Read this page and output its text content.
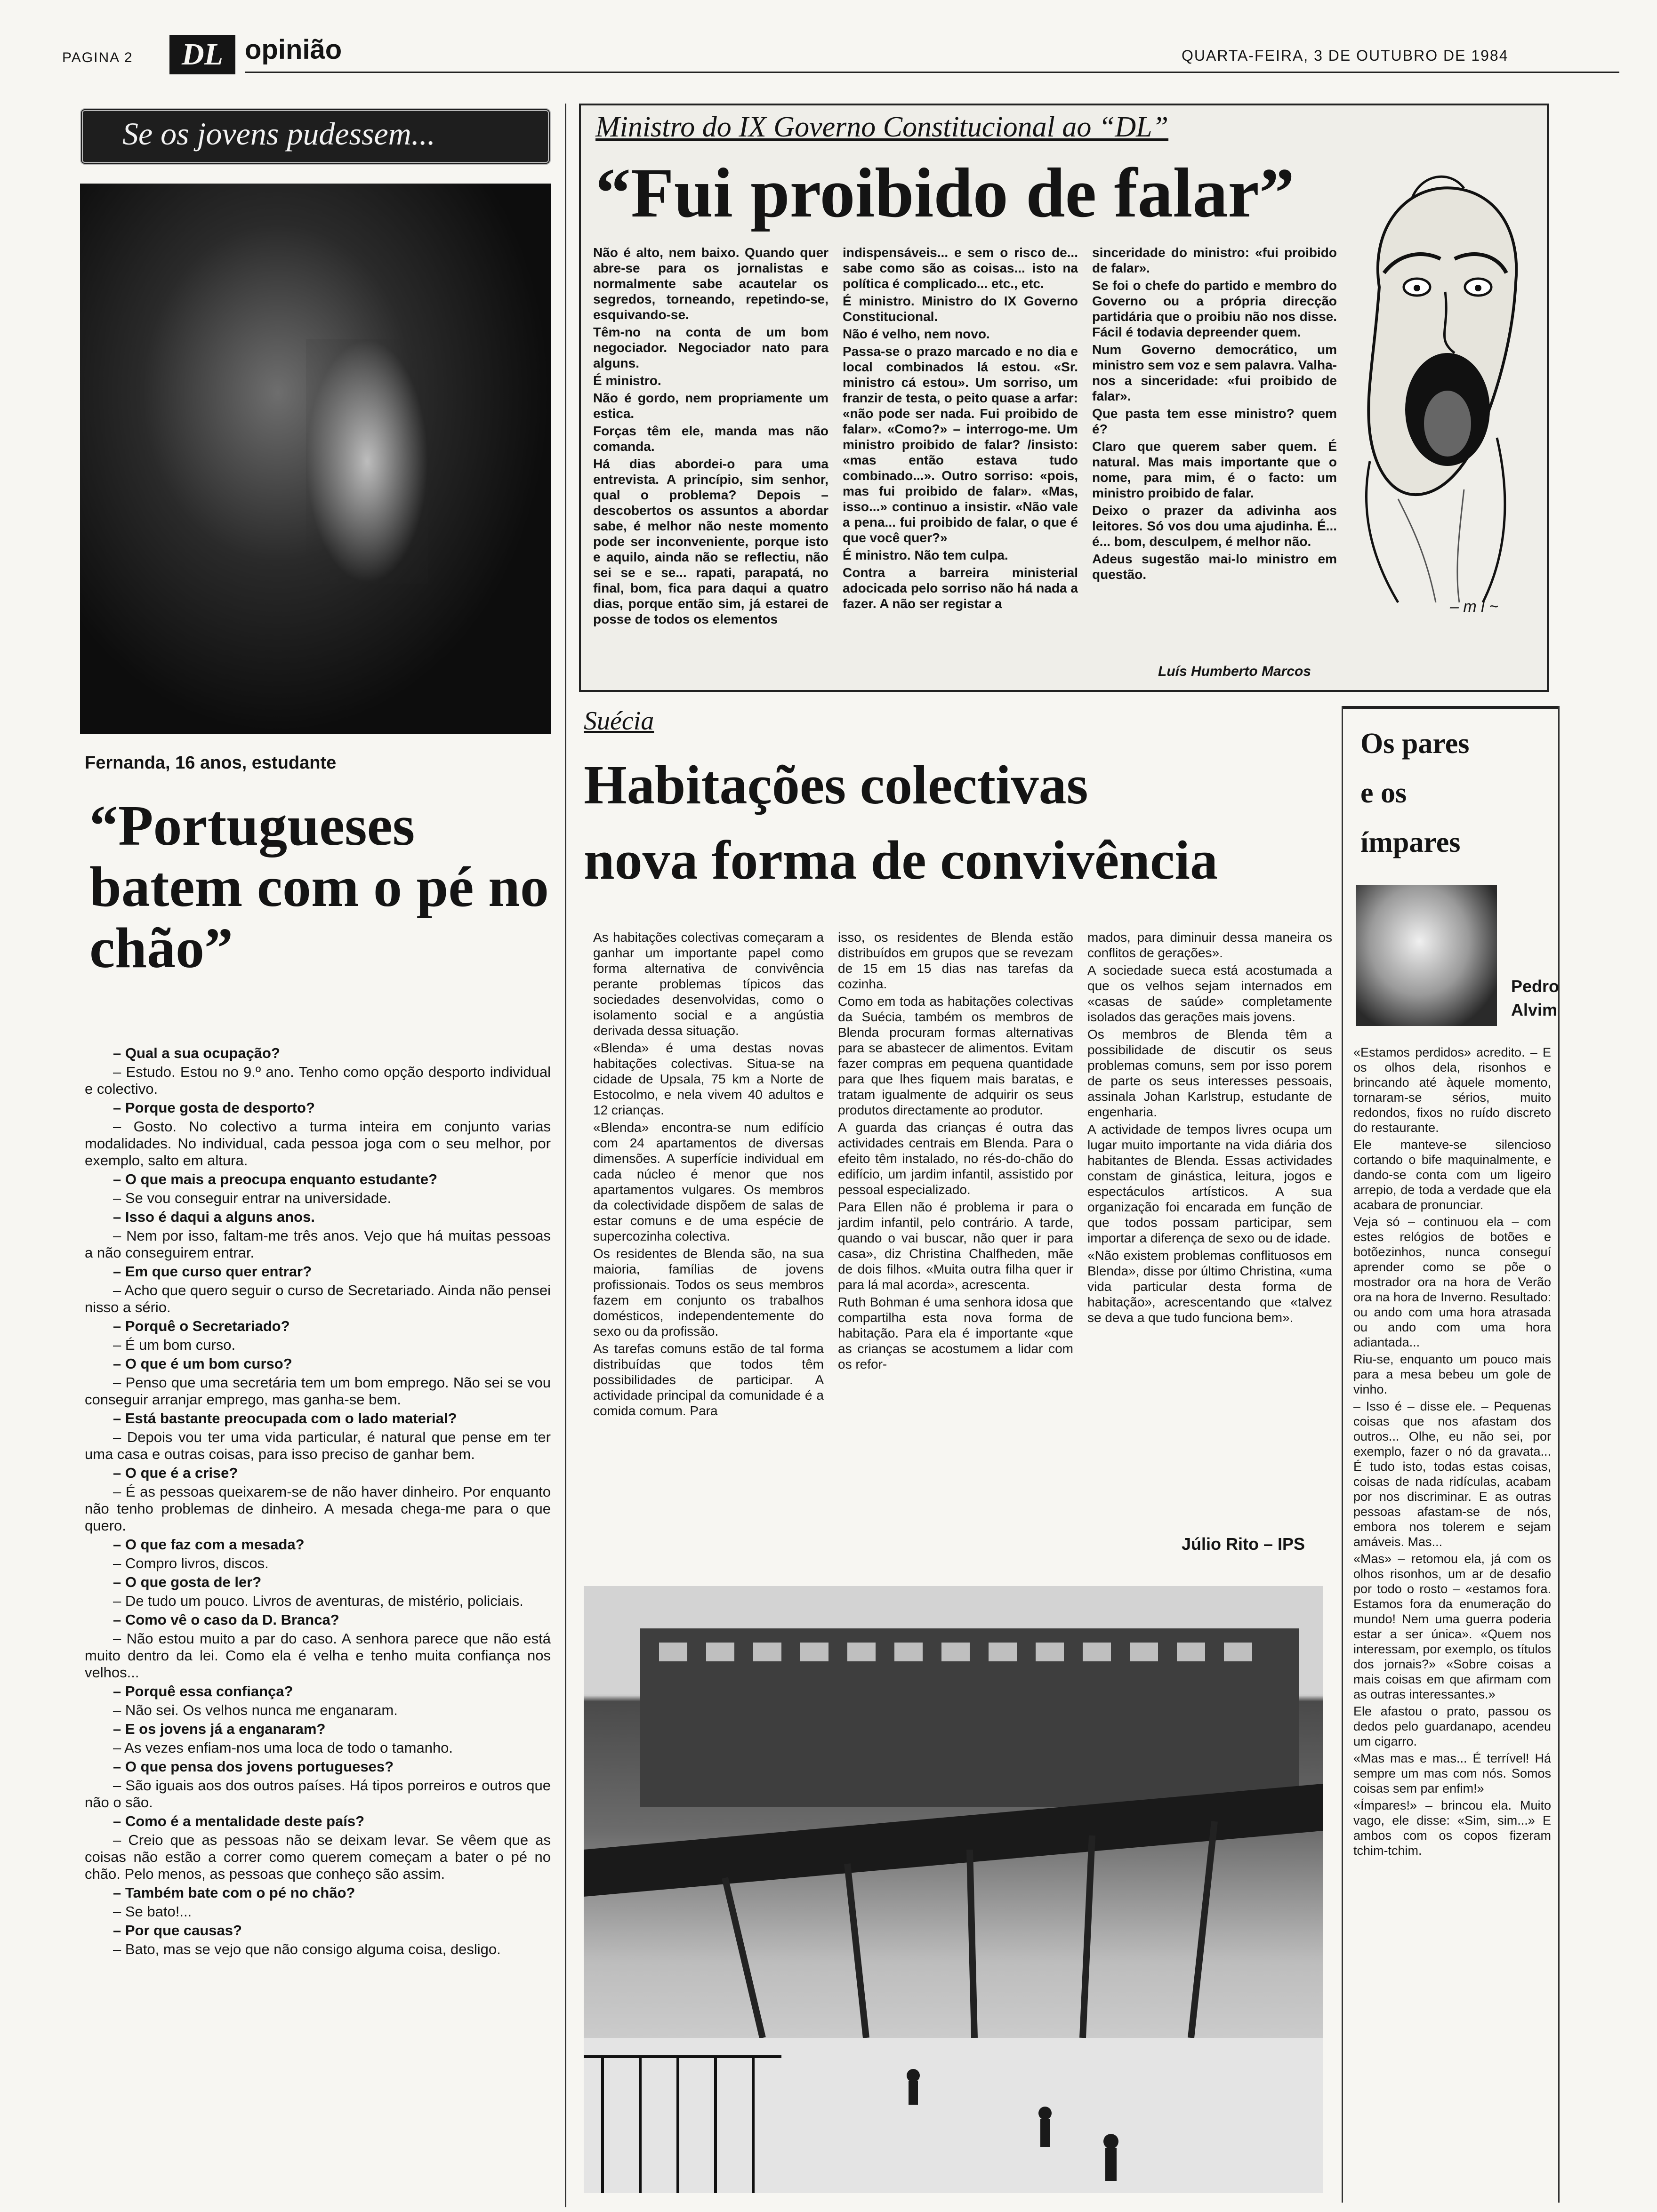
PAGINA 2	DL opinião	QUARTA-FEIRA, 3 DE OUTUBRO DE 1984
Se os jovens pudessem...
Fernanda, 16 anos, estudante
“Portugueses batem com o pé no chão”

– Qual a sua ocupação?

– Estudo. Estou no 9.º ano. Tenho como opção desporto individual e colectivo.

– Porque gosta de desporto?

– Gosto. No colectivo a turma inteira em conjunto varias modalidades. No individual, cada pessoa joga com o seu melhor, por exemplo, salto em altura.

– O que mais a preocupa enquanto estudante?

– Se vou conseguir entrar na universidade.

– Isso é daqui a alguns anos.

– Nem por isso, faltam-me três anos. Vejo que há muitas pessoas a não conseguirem entrar.

– Em que curso quer entrar?

– Acho que quero seguir o curso de Secretariado. Ainda não pensei nisso a sério.

– Porquê o Secretariado?

– É um bom curso.

– O que é um bom curso?

– Penso que uma secretária tem um bom emprego. Não sei se vou conseguir arranjar emprego, mas ganha-se bem.

– Está bastante preocupada com o lado material?

– Depois vou ter uma vida particular, é natural que pense em ter uma casa e outras coisas, para isso preciso de ganhar bem.

– O que é a crise?

– É as pessoas queixarem-se de não haver dinheiro. Por enquanto não tenho problemas de dinheiro. A mesada chega-me para o que quero.

– O que faz com a mesada?

– Compro livros, discos.

– O que gosta de ler?

– De tudo um pouco. Livros de aventuras, de mistério, policiais.

– Como vê o caso da D. Branca?

– Não estou muito a par do caso. A senhora parece que não está muito dentro da lei. Como ela é velha e tenho muita confiança nos velhos...

– Porquê essa confiança?

– Não sei. Os velhos nunca me enganaram.

– E os jovens já a enganaram?

– As vezes enfiam-nos uma loca de todo o tamanho.

– O que pensa dos jovens portugueses?

– São iguais aos dos outros países. Há tipos porreiros e outros que não o são.

– Como é a mentalidade deste país?

– Creio que as pessoas não se deixam levar. Se vêem que as coisas não estão a correr como querem começam a bater o pé no chão. Pelo menos, as pessoas que conheço são assim.

– Também bate com o pé no chão?

– Se bato!...

– Por que causas?

– Bato, mas se vejo que não consigo alguma coisa, desligo.

Ministro do IX Governo Constitucional ao “DL”
“Fui proibido de falar”

Não é alto, nem baixo. Quando quer abre-se para os jornalistas e normalmente sabe acautelar os segredos, torneando, repetindo-se, esquivando-se.

Têm-no na conta de um bom negociador. Negociador nato para alguns.

É ministro.

Não é gordo, nem propriamente um estica.

Forças têm ele, manda mas não comanda.

Há dias abordei-o para uma entrevista. A princípio, sim senhor, qual o problema? Depois – descobertos os assuntos a abordar sabe, é melhor não neste momento pode ser inconveniente, porque isto e aquilo, ainda não se reflectiu, não sei se e se... rapati, parapatá, no final, bom, fica para daqui a quatro dias, porque então sim, já estarei de posse de todos os elementos

indispensáveis... e sem o risco de... sabe como são as coisas... isto na política é complicado... etc., etc.

É ministro. Ministro do IX Governo Constitucional.

Não é velho, nem novo.

Passa-se o prazo marcado e no dia e local combinados lá estou. «Sr. ministro cá estou». Um sorriso, um franzir de testa, o peito quase a arfar: «não pode ser nada. Fui proibido de falar». «Como?» – interrogo-me. Um ministro proibido de falar? /insisto: «mas então estava tudo combinado...». Outro sorriso: «pois, mas fui proibido de falar». «Mas, isso...» continuo a insistir. «Não vale a pena... fui proibido de falar, o que é que você quer?»

É ministro. Não tem culpa.

Contra a barreira ministerial adocicada pelo sorriso não há nada a fazer. A não ser registar a

sinceridade do ministro: «fui proibido de falar».

Se foi o chefe do partido e membro do Governo ou a própria direcção partidária que o proibiu não nos disse. Fácil é todavia depreender quem.

Num Governo democrático, um ministro sem voz e sem palavra. Valha-nos a sinceridade: «fui proibido de falar».

Que pasta tem esse ministro? quem é?

Claro que querem saber quem. É natural. Mas mais importante que o nome, para mim, é o facto: um ministro proibido de falar.

Deixo o prazer da adivinha aos leitores. Só vos dou uma ajudinha. É... é... bom, desculpem, é melhor não.

Adeus sugestão mai-lo ministro em questão.

Luís Humberto Marcos
– m l ~
Suécia
Habitações colectivas
nova forma de convivência

As habitações colectivas começaram a ganhar um importante papel como forma alternativa de convivência perante problemas típicos das sociedades desenvolvidas, como o isolamento social e a angústia derivada dessa situação.

«Blenda» é uma destas novas habitações colectivas. Situa-se na cidade de Upsala, 75 km a Norte de Estocolmo, e nela vivem 40 adultos e 12 crianças.

«Blenda» encontra-se num edifício com 24 apartamentos de diversas dimensões. A superfície individual em cada núcleo é menor que nos apartamentos vulgares. Os membros da colectividade dispõem de salas de estar comuns e de uma espécie de supercozinha colectiva.

Os residentes de Blenda são, na sua maioria, famílias de jovens profissionais. Todos os seus membros fazem em conjunto os trabalhos domésticos, independentemente do sexo ou da profissão.

As tarefas comuns estão de tal forma distribuídas que todos têm possibilidades de participar. A actividade principal da comunidade é a comida comum. Para

isso, os residentes de Blenda estão distribuídos em grupos que se revezam de 15 em 15 dias nas tarefas da cozinha.

Como em toda as habitações colectivas da Suécia, também os membros de Blenda procuram formas alternativas para se abastecer de alimentos. Evitam fazer compras em pequena quantidade para que lhes fiquem mais baratas, e tratam igualmente de adquirir os seus produtos directamente ao produtor.

A guarda das crianças é outra das actividades centrais em Blenda. Para o efeito têm instalado, no rés-do-chão do edifício, um jardim infantil, assistido por pessoal especializado.

Para Ellen não é problema ir para o jardim infantil, pelo contrário. A tarde, quando o vai buscar, não quer ir para casa», diz Christina Chalfheden, mãe de dois filhos. «Muita outra filha quer ir para lá mal acorda», acrescenta.

Ruth Bohman é uma senhora idosa que compartilha esta nova forma de habitação. Para ela é importante «que as crianças se acostumem a lidar com os refor-

mados, para diminuir dessa maneira os conflitos de gerações».

A sociedade sueca está acostumada a que os velhos sejam internados em «casas de saúde» completamente isolados das gerações mais jovens.

Os membros de Blenda têm a possibilidade de discutir os seus problemas comuns, sem por isso porem de parte os seus interesses pessoais, assinala Johan Karlstrup, estudante de engenharia.

A actividade de tempos livres ocupa um lugar muito importante na vida diária dos habitantes de Blenda. Essas actividades constam de ginástica, leitura, jogos e espectáculos artísticos. A sua organização foi encarada em função de que todos possam participar, sem importar a diferença de sexo ou de idade.

«Não existem problemas conflituosos em Blenda», disse por último Christina, «uma vida particular desta forma de habitação», acrescentando que «talvez se deva a que tudo funciona bem».

Júlio Rito – IPS
Os pares
e os
ímpares
Pedro
Alvim

«Estamos perdidos» acredito. – E os olhos dela, risonhos e brincando até àquele momento, tornaram-se sérios, muito redondos, fixos no ruído discreto do restaurante.

Ele manteve-se silencioso cortando o bife maquinalmente, e dando-se conta com um ligeiro arrepio, de toda a verdade que ela acabara de pronunciar.

Veja só – continuou ela – com estes relógios de botões e botõezinhos, nunca conseguí aprender como se põe o mostrador ora na hora de Verão ora na hora de Inverno. Resultado: ou ando com uma hora atrasada ou ando com uma hora adiantada...

Riu-se, enquanto um pouco mais para a mesa bebeu um gole de vinho.

– Isso é – disse ele. – Pequenas coisas que nos afastam dos outros... Olhe, eu não sei, por exemplo, fazer o nó da gravata... É tudo isto, todas estas coisas, coisas de nada ridículas, acabam por nos discriminar. E as outras pessoas afastam-se de nós, embora nos tolerem e sejam amáveis. Mas...

«Mas» – retomou ela, já com os olhos risonhos, um ar de desafio por todo o rosto – «estamos fora. Estamos fora da enumeração do mundo! Nem uma guerra poderia estar a ser única». «Quem nos interessam, por exemplo, os títulos dos jornais?» «Sobre coisas a mais coisas em que afirmam com as outras interessantes.»

Ele afastou o prato, passou os dedos pelo guardanapo, acendeu um cigarro.

«Mas mas e mas... É terrível! Há sempre um mas com nós. Somos coisas sem par enfim!»

«Ímpares!» – brincou ela. Muito vago, ele disse: «Sim, sim...» E ambos com os copos fizeram tchim-tchim.
